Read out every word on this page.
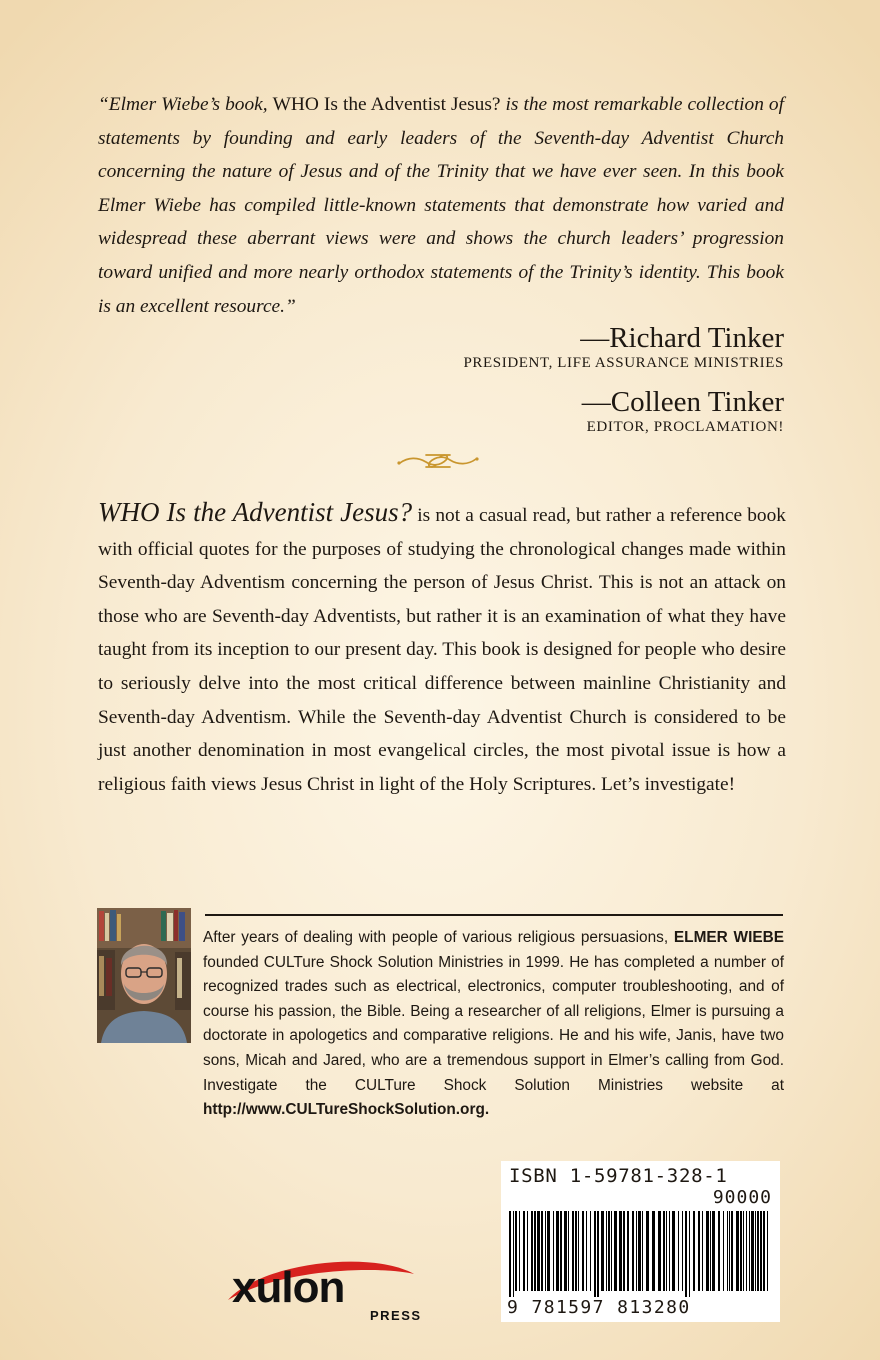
“Elmer Wiebe’s book, WHO Is the Adventist Jesus? is the most remarkable collection of statements by founding and early leaders of the Seventh-day Adventist Church concerning the nature of Jesus and of the Trinity that we have ever seen. In this book Elmer Wiebe has compiled little-known statements that demonstrate how varied and widespread these aberrant views were and shows the church leaders’ progression toward unified and more nearly orthodox statements of the Trinity’s identity. This book is an excellent resource.”

—Richard Tinker
PRESIDENT, LIFE ASSURANCE MINISTRIES
—Colleen Tinker
EDITOR, PROCLAMATION!

WHO Is the Adventist Jesus? is not a casual read, but rather a reference book with official quotes for the purposes of studying the chronological changes made within Seventh-day Adventism concerning the person of Jesus Christ. This is not an attack on those who are Seventh-day Adventists, but rather it is an examination of what they have taught from its inception to our present day. This book is designed for people who desire to seriously delve into the most critical difference between mainline Christianity and Seventh-day Adventism. While the Seventh-day Adventist Church is considered to be just another denomination in most evangelical circles, the most pivotal issue is how a religious faith views Jesus Christ in light of the Holy Scriptures. Let’s investigate!

After years of dealing with people of various religious persuasions, ELMER WIEBE founded CULTure Shock Solution Ministries in 1999. He has completed a number of recognized trades such as electrical, electronics, computer troubleshooting, and of course his passion, the Bible. Being a researcher of all religions, Elmer is pursuing a doctorate in apologetics and comparative religions. He and his wife, Janis, have two sons, Micah and Jared, who are a tremendous support in Elmer’s calling from God. Investigate the CULTure Shock Solution Ministries website at http://www.CULTureShockSolution.org.

ISBN 1-59781-328-1
90000
9 781597 813280
xulon
PRESS
